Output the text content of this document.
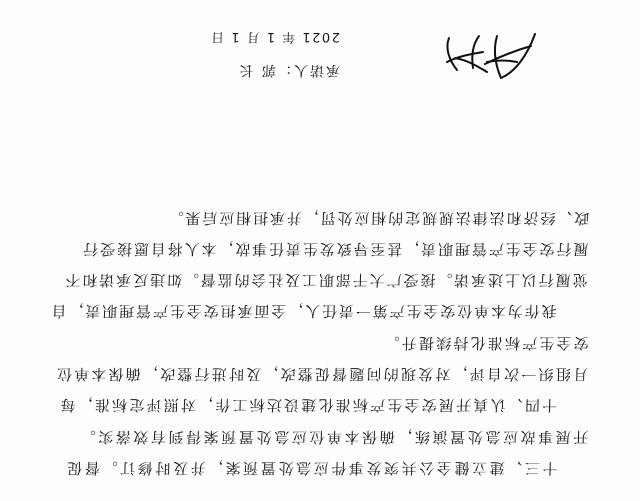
十三、建立健全公共突发事件应急处置预案，并及时修订。督促开展事故应急处置演练，确保本单位应急处置预案得到有效落实。

十四、认真开展安全生产标准化建设达标工作，对照评定标准，每月组织一次自评，对发现的问题督促整改，及时进行整改，确保本单位安全生产标准化持续提升。

我作为本单位安全生产第一责任人，全面承担安全生产管理职责，自觉履行以上述承诺。接受广大干部职工及社会的监督。如违反承诺和不履行安全生产管理职责，甚至导致发生责任事故，本人将自愿接受行政、经济和法律法规规定的相应处罚，并承担相应后果。

承诺人：郭 长
2021 年 1 月 1 日
